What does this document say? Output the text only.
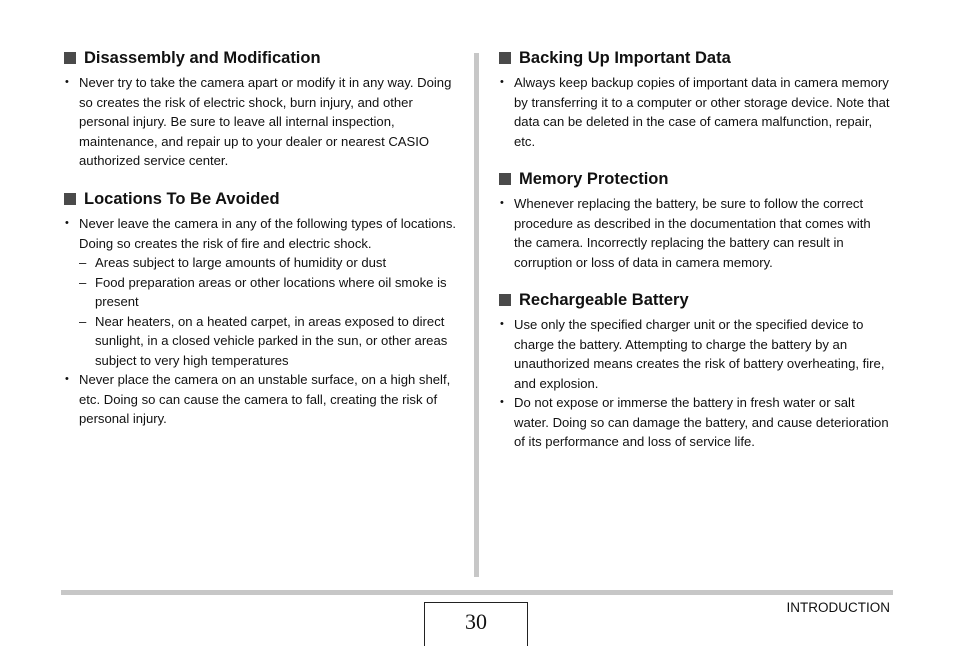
Disassembly and Modification
• Never try to take the camera apart or modify it in any way. Doing so creates the risk of electric shock, burn injury, and other personal injury. Be sure to leave all internal inspection, maintenance, and repair up to your dealer or nearest CASIO authorized service center.
Locations To Be Avoided
• Never leave the camera in any of the following types of locations. Doing so creates the risk of fire and electric shock.
– Areas subject to large amounts of humidity or dust
– Food preparation areas or other locations where oil smoke is present
– Near heaters, on a heated carpet, in areas exposed to direct sunlight, in a closed vehicle parked in the sun, or other areas subject to very high temperatures
• Never place the camera on an unstable surface, on a high shelf, etc. Doing so can cause the camera to fall, creating the risk of personal injury.
Backing Up Important Data
• Always keep backup copies of important data in camera memory by transferring it to a computer or other storage device. Note that data can be deleted in the case of camera malfunction, repair, etc.
Memory Protection
• Whenever replacing the battery, be sure to follow the correct procedure as described in the documentation that comes with the camera. Incorrectly replacing the battery can result in corruption or loss of data in camera memory.
Rechargeable Battery
• Use only the specified charger unit or the specified device to charge the battery. Attempting to charge the battery by an unauthorized means creates the risk of battery overheating, fire, and explosion.
• Do not expose or immerse the battery in fresh water or salt water. Doing so can damage the battery, and cause deterioration of its performance and loss of service life.
30
INTRODUCTION
